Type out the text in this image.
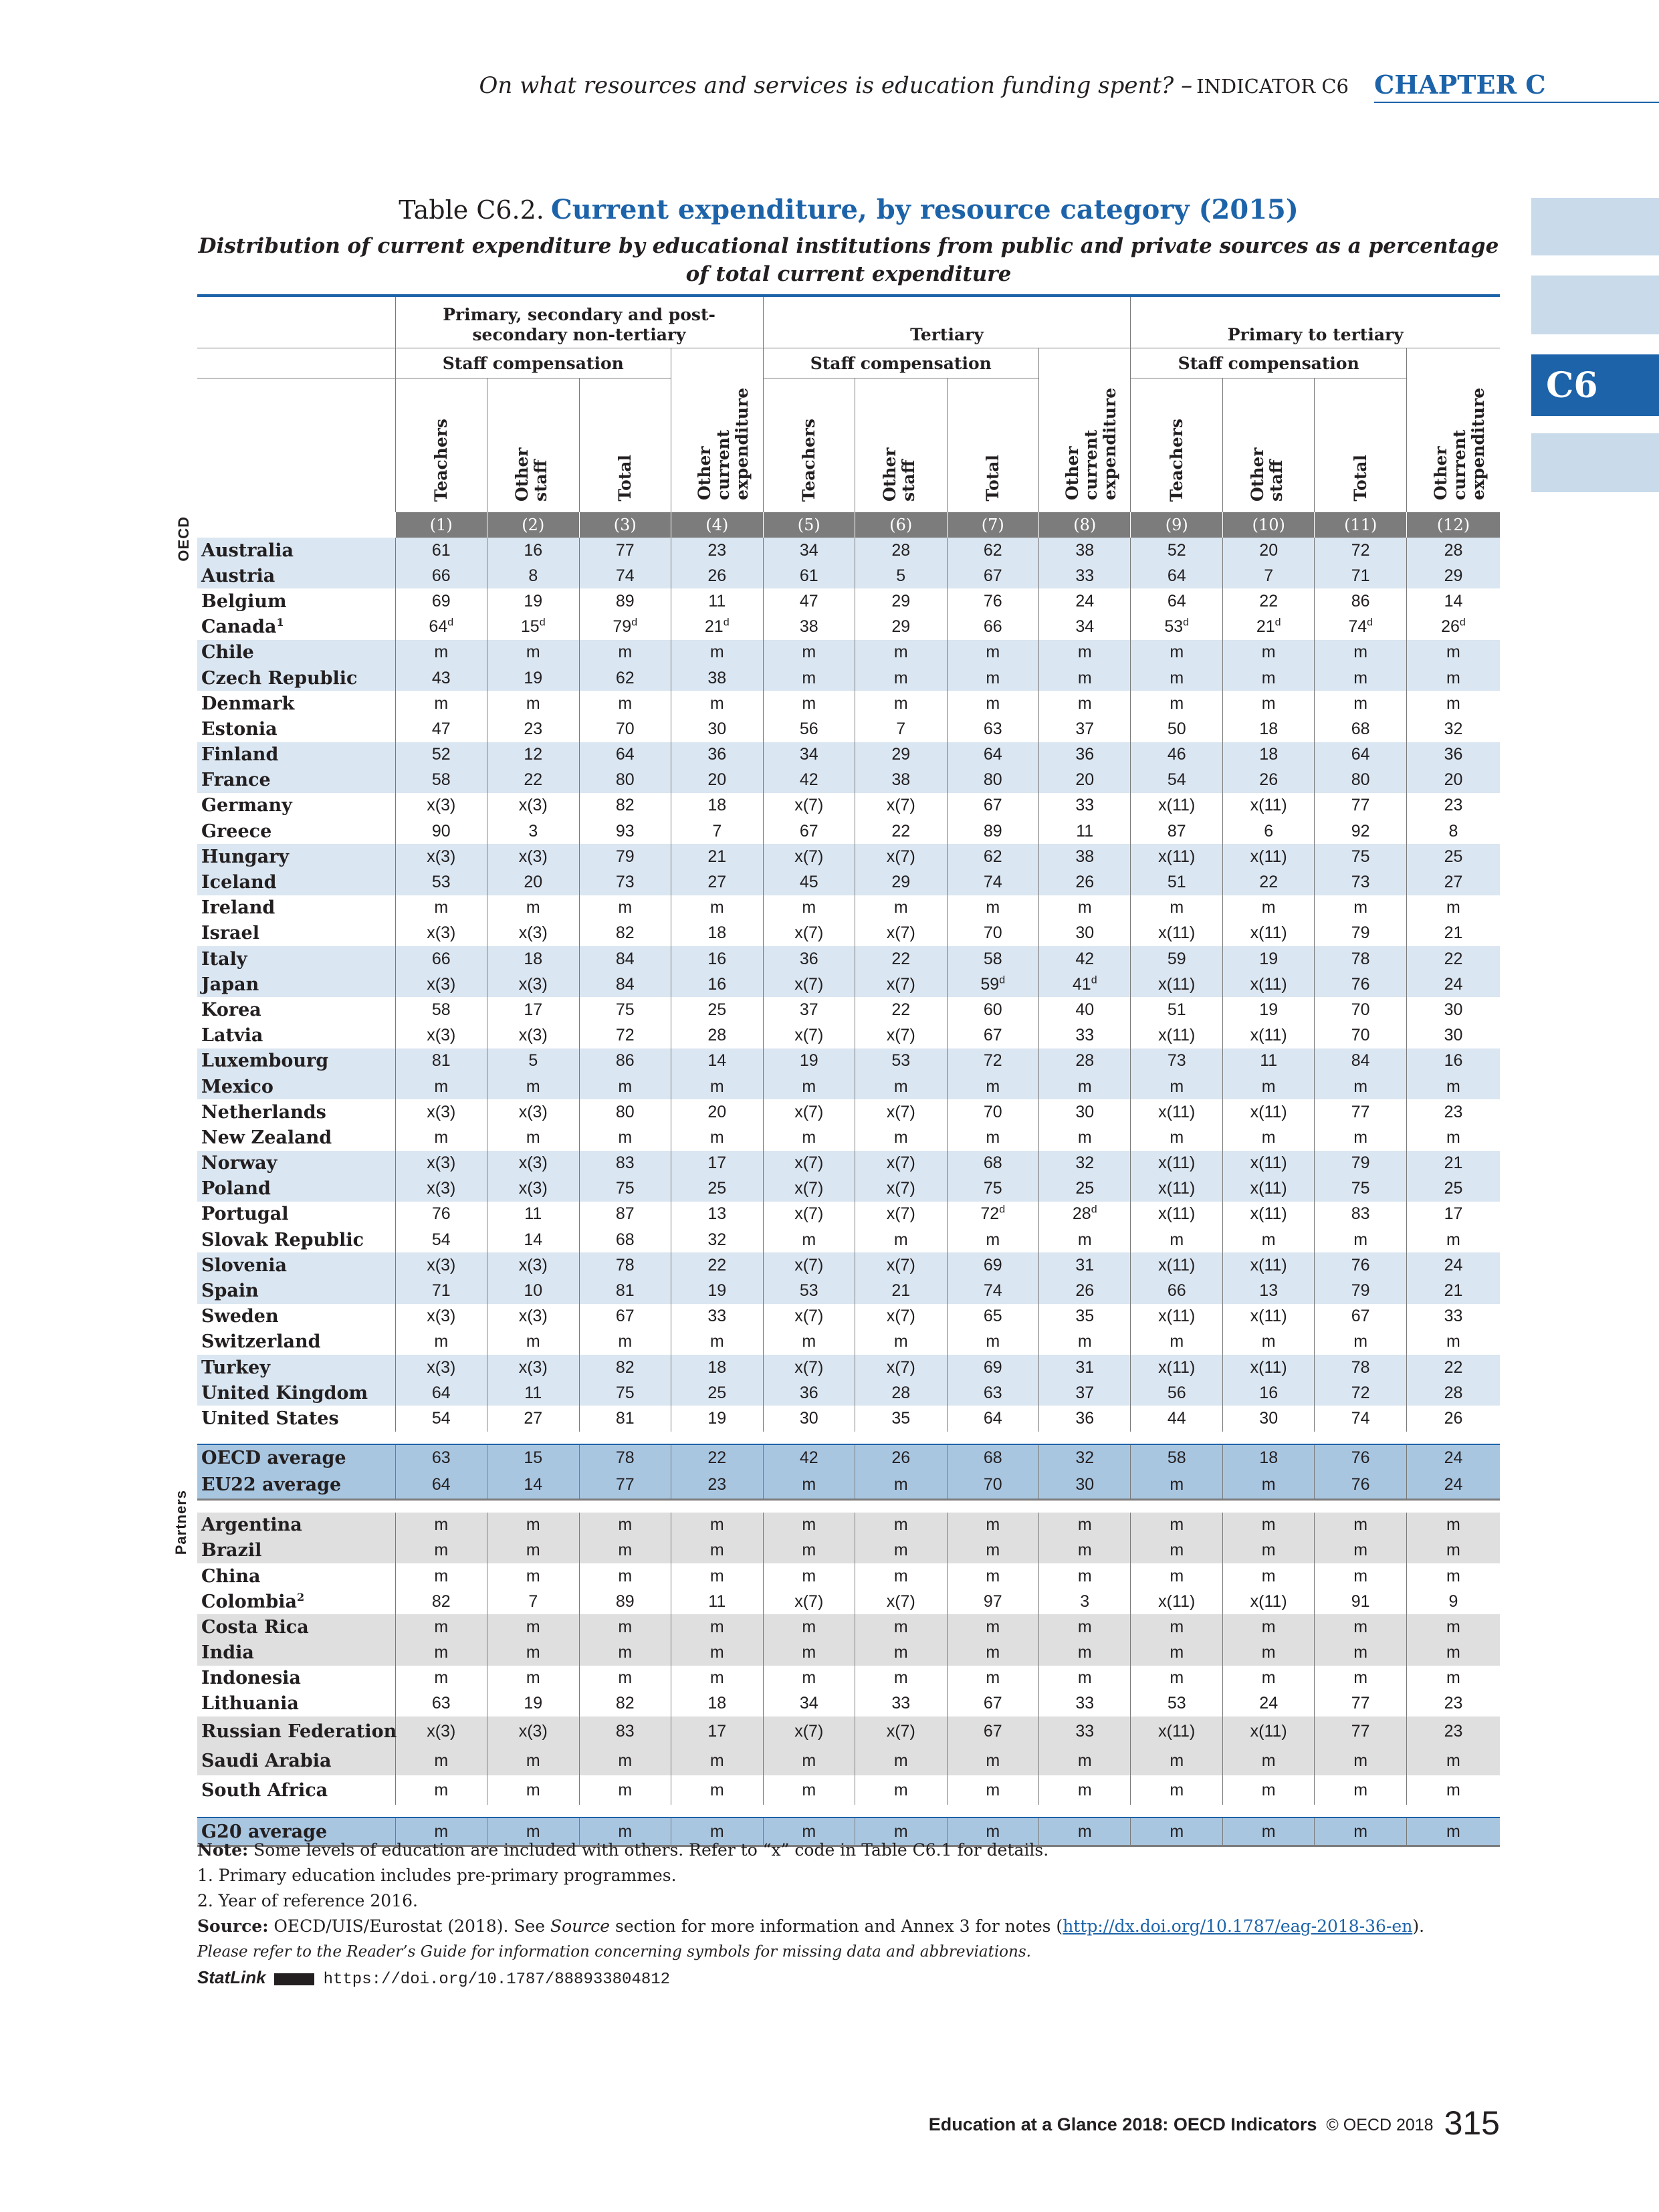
On what resources and services is education funding spent? – INDICATOR C6 CHAPTER C
C6
Table C6.2. Current expenditure, by resource category (2015)
Distribution of current expenditure by educational institutions from public and private sources as a percentage
of total current expenditure
OECD
Partners
	Primary, secondary and post-secondary non-tertiary				Tertiary				Primary to tertiary			
	Staff compensation			Other current expenditure	Staff compensation			Other current expenditure	Staff compensation			Other current expenditure
	Teachers	Other staff	Total		Teachers	Other staff	Total		Teachers	Other staff	Total	
	(1)	(2)	(3)	(4)	(5)	(6)	(7)	(8)	(9)	(10)	(11)	(12)
Australia	61	16	77	23	34	28	62	38	52	20	72	28
Austria	66	8	74	26	61	5	67	33	64	7	71	29
Belgium	69	19	89	11	47	29	76	24	64	22	86	14
Canada$^1$	64$^d$	15$^d$	79$^d$	21$^d$	38	29	66	34	53$^d$	21$^d$	74$^d$	26$^d$
Chile	m	m	m	m	m	m	m	m	m	m	m	m
Czech Republic	43	19	62	38	m	m	m	m	m	m	m	m
Denmark	m	m	m	m	m	m	m	m	m	m	m	m
Estonia	47	23	70	30	56	7	63	37	50	18	68	32
Finland	52	12	64	36	34	29	64	36	46	18	64	36
France	58	22	80	20	42	38	80	20	54	26	80	20
Germany	x(3)	x(3)	82	18	x(7)	x(7)	67	33	x(11)	x(11)	77	23
Greece	90	3	93	7	67	22	89	11	87	6	92	8
Hungary	x(3)	x(3)	79	21	x(7)	x(7)	62	38	x(11)	x(11)	75	25
Iceland	53	20	73	27	45	29	74	26	51	22	73	27
Ireland	m	m	m	m	m	m	m	m	m	m	m	m
Israel	x(3)	x(3)	82	18	x(7)	x(7)	70	30	x(11)	x(11)	79	21
Italy	66	18	84	16	36	22	58	42	59	19	78	22
Japan	x(3)	x(3)	84	16	x(7)	x(7)	59$^d$	41$^d$	x(11)	x(11)	76	24
Korea	58	17	75	25	37	22	60	40	51	19	70	30
Latvia	x(3)	x(3)	72	28	x(7)	x(7)	67	33	x(11)	x(11)	70	30
Luxembourg	81	5	86	14	19	53	72	28	73	11	84	16
Mexico	m	m	m	m	m	m	m	m	m	m	m	m
Netherlands	x(3)	x(3)	80	20	x(7)	x(7)	70	30	x(11)	x(11)	77	23
New Zealand	m	m	m	m	m	m	m	m	m	m	m	m
Norway	x(3)	x(3)	83	17	x(7)	x(7)	68	32	x(11)	x(11)	79	21
Poland	x(3)	x(3)	75	25	x(7)	x(7)	75	25	x(11)	x(11)	75	25
Portugal	76	11	87	13	x(7)	x(7)	72$^d$	28$^d$	x(11)	x(11)	83	17
Slovak Republic	54	14	68	32	m	m	m	m	m	m	m	m
Slovenia	x(3)	x(3)	78	22	x(7)	x(7)	69	31	x(11)	x(11)	76	24
Spain	71	10	81	19	53	21	74	26	66	13	79	21
Sweden	x(3)	x(3)	67	33	x(7)	x(7)	65	35	x(11)	x(11)	67	33
Switzerland	m	m	m	m	m	m	m	m	m	m	m	m
Turkey	x(3)	x(3)	82	18	x(7)	x(7)	69	31	x(11)	x(11)	78	22
United Kingdom	64	11	75	25	36	28	63	37	56	16	72	28
United States	54	27	81	19	30	35	64	36	44	30	74	26

OECD average	63	15	78	22	42	26	68	32	58	18	76	24
EU22 average	64	14	77	23	m	m	70	30	m	m	76	24

Argentina	m	m	m	m	m	m	m	m	m	m	m	m
Brazil	m	m	m	m	m	m	m	m	m	m	m	m
China	m	m	m	m	m	m	m	m	m	m	m	m
Colombia$^2$	82	7	89	11	x(7)	x(7)	97	3	x(11)	x(11)	91	9
Costa Rica	m	m	m	m	m	m	m	m	m	m	m	m
India	m	m	m	m	m	m	m	m	m	m	m	m
Indonesia	m	m	m	m	m	m	m	m	m	m	m	m
Lithuania	63	19	82	18	34	33	67	33	53	24	77	23
Russian Federation	x(3)	x(3)	83	17	x(7)	x(7)	67	33	x(11)	x(11)	77	23
Saudi Arabia	m	m	m	m	m	m	m	m	m	m	m	m
South Africa	m	m	m	m	m	m	m	m	m	m	m	m

G20 average	m	m	m	m	m	m	m	m	m	m	m	m

Note: Some levels of education are included with others. Refer to “x” code in Table C6.1 for details.

1. Primary education includes pre-primary programmes.

2. Year of reference 2016.

Source: OECD/UIS/Eurostat (2018). See Source section for more information and Annex 3 for notes (http://dx.doi.org/10.1787/eag-2018-36-en).

Please refer to the Reader’s Guide for information concerning symbols for missing data and abbreviations.

StatLink	https://doi.org/10.1787/888933804812

Education at a Glance 2018: OECD Indicators © OECD 2018 315
